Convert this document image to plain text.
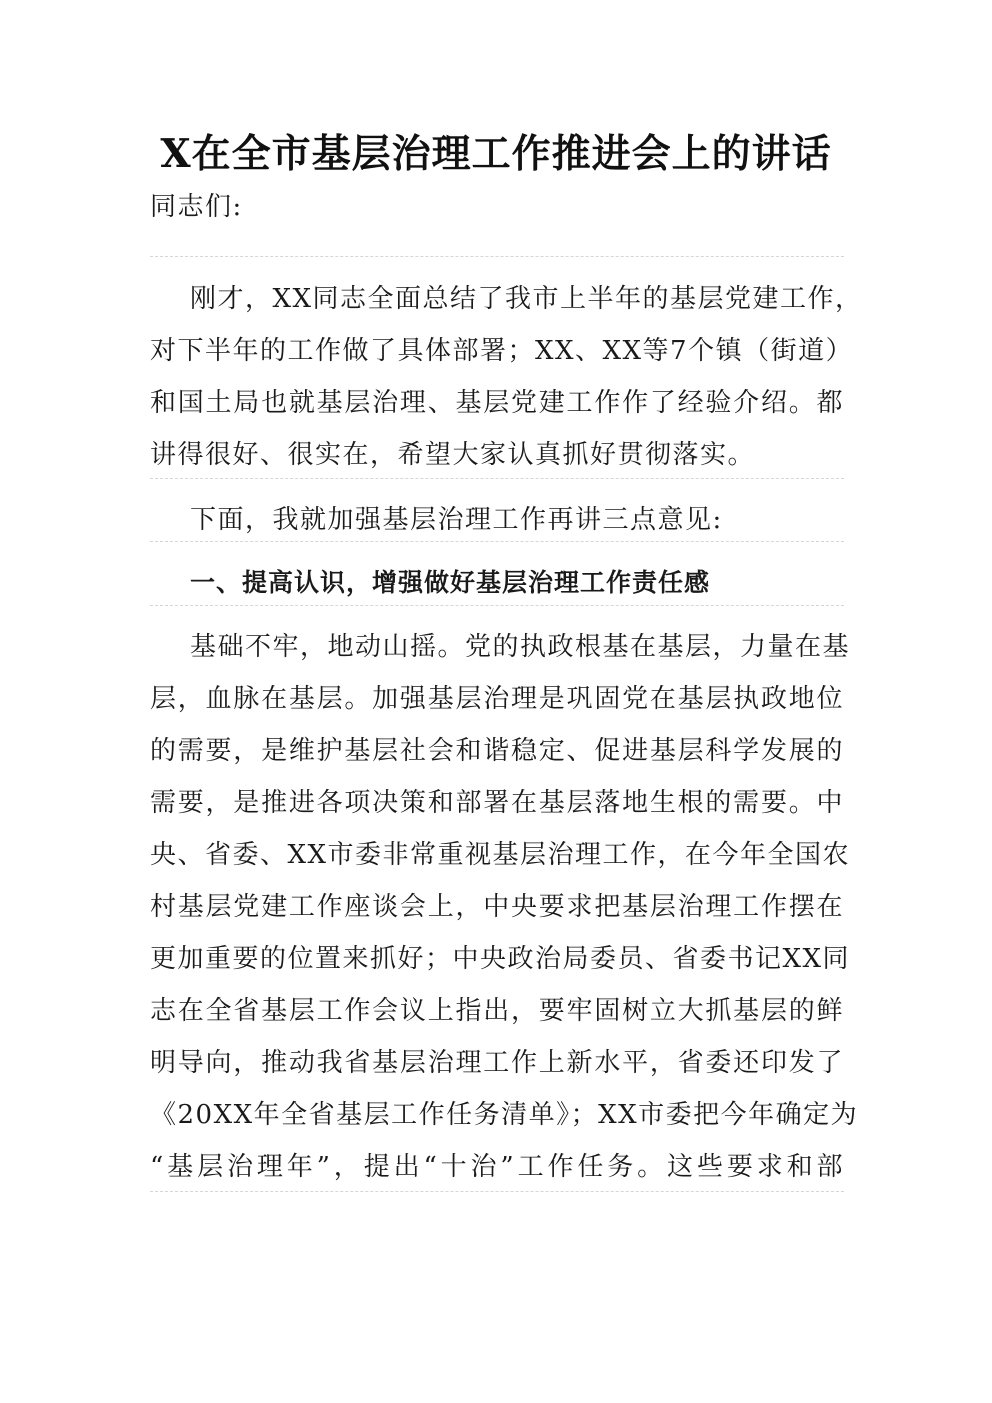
X在全市基层治理工作推进会上的讲话
同志们:
刚才，XX同志全面总结了我市上半年的基层党建工作，
对下半年的工作做了具体部署；XX、XX等7个镇（街道）
和国土局也就基层治理、基层党建工作作了经验介绍。都
讲得很好、很实在，希望大家认真抓好贯彻落实。
下面，我就加强基层治理工作再讲三点意见:
一、提高认识，增强做好基层治理工作责任感
基础不牢，地动山摇。党的执政根基在基层，力量在基
层，血脉在基层。加强基层治理是巩固党在基层执政地位
的需要，是维护基层社会和谐稳定、促进基层科学发展的
需要，是推进各项决策和部署在基层落地生根的需要。中
央、省委、XX市委非常重视基层治理工作，在今年全国农
村基层党建工作座谈会上，中央要求把基层治理工作摆在
更加重要的位置来抓好；中央政治局委员、省委书记XX同
志在全省基层工作会议上指出，要牢固树立大抓基层的鲜
明导向，推动我省基层治理工作上新水平，省委还印发了
《20XX年全省基层工作任务清单》；XX市委把今年确定为
“基层治理年”，提出“十治”工作任务。这些要求和部
